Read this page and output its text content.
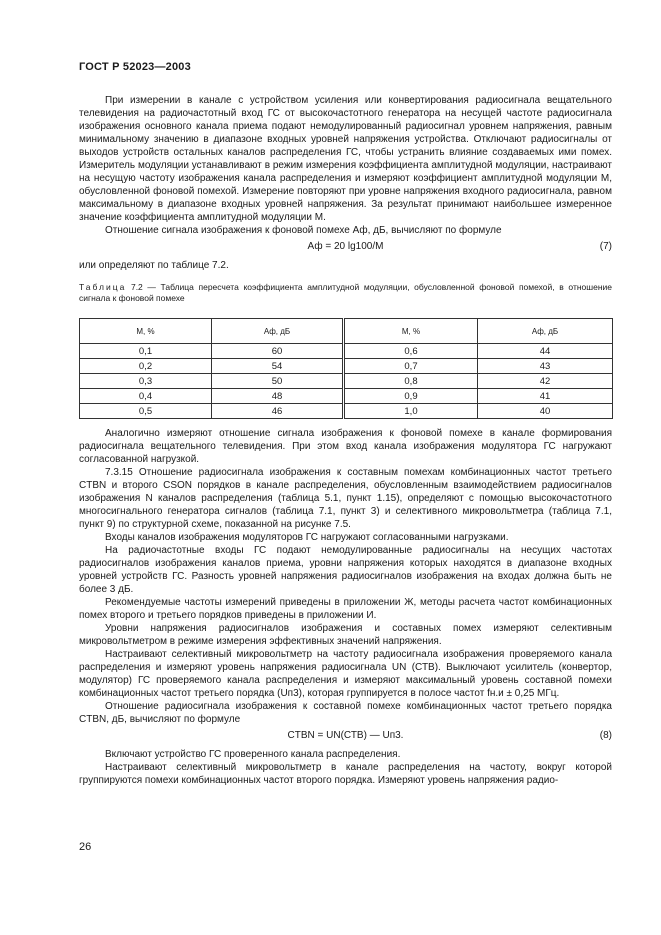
ГОСТ Р 52023—2003

При измерении в канале с устройством усиления или конвертирования радиосигнала вещательного телевидения на радиочастотный вход ГС от высокочастотного генератора на несущей частоте радиосигнала изображения основного канала приема подают немодулированный радиосигнал уровнем напряжения, равным минимальному значению в диапазоне входных уровней напряжения устройства. Отключают радиосигналы от выходов устройств остальных каналов распределения ГС, чтобы устранить влияние создаваемых ими помех. Измеритель модуляции устанавливают в режим измерения коэффициента амплитудной модуляции, настраивают на несущую частоту изображения канала распределения и измеряют коэффициент амплитудной модуляции М, обусловленной фоновой помехой. Измерение повторяют при уровне напряжения входного радиосигнала, равном максимальному в диапазоне входных уровней напряжения. За результат принимают наибольшее измеренное значение коэффициента амплитудной модуляции М.

Отношение сигнала изображения к фоновой помехе Аф, дБ, вычисляют по формуле

Аф = 20 lg100/M	(7)

или определяют по таблице 7.2.

Таблица 7.2 — Таблица пересчета коэффициента амплитудной модуляции, обусловленной фоновой помехой, в отношение сигнала к фоновой помехе

M, %	Aф, дБ	M, %	Aф, дБ
0,1	60	0,6	44
0,2	54	0,7	43
0,3	50	0,8	42
0,4	48	0,9	41
0,5	46	1,0	40

Аналогично измеряют отношение сигнала изображения к фоновой помехе в канале формирования радиосигнала вещательного телевидения. При этом вход канала изображения модулятора ГС нагружают согласованной нагрузкой.

7.3.15 Отношение радиосигнала изображения к составным помехам комбинационных частот третьего CTBN и второго CSON порядков в канале распределения, обусловленным взаимодействием радиосигналов изображения N каналов распределения (таблица 5.1, пункт 1.15), определяют с помощью высокочастотного многосигнального генератора сигналов (таблица 7.1, пункт 3) и селективного микровольтметра (таблица 7.1, пункт 9) по структурной схеме, показанной на рисунке 7.5.

Входы каналов изображения модуляторов ГС нагружают согласованными нагрузками.

На радиочастотные входы ГС подают немодулированные радиосигналы на несущих частотах радиосигналов изображения каналов приема, уровни напряжения которых находятся в диапазоне входных уровней устройств ГС. Разность уровней напряжения радиосигналов изображения на входах должна быть не более 3 дБ.

Рекомендуемые частоты измерений приведены в приложении Ж, методы расчета частот комбинационных помех второго и третьего порядков приведены в приложении И.

Уровни напряжения радиосигналов изображения и составных помех измеряют селективным микровольтметром в режиме измерения эффективных значений напряжения.

Настраивают селективный микровольтметр на частоту радиосигнала изображения проверяемого канала распределения и измеряют уровень напряжения радиосигнала UN (СТВ). Выключают усилитель (конвертор, модулятор) ГС проверяемого канала распределения и измеряют максимальный уровень составной помехи комбинационных частот третьего порядка (Uп3), которая группируется в полосе частот fн.и ± 0,25 МГц.

Отношение радиосигнала изображения к составной помехе комбинационных частот третьего порядка CTBN, дБ, вычисляют по формуле

CTBN = UN(СТВ) — Uп3.	(8)

Включают устройство ГС проверенного канала распределения.

Настраивают селективный микровольтметр в канале распределения на частоту, вокруг которой группируются помехи комбинационных частот второго порядка. Измеряют уровень напряжения радио-

26
